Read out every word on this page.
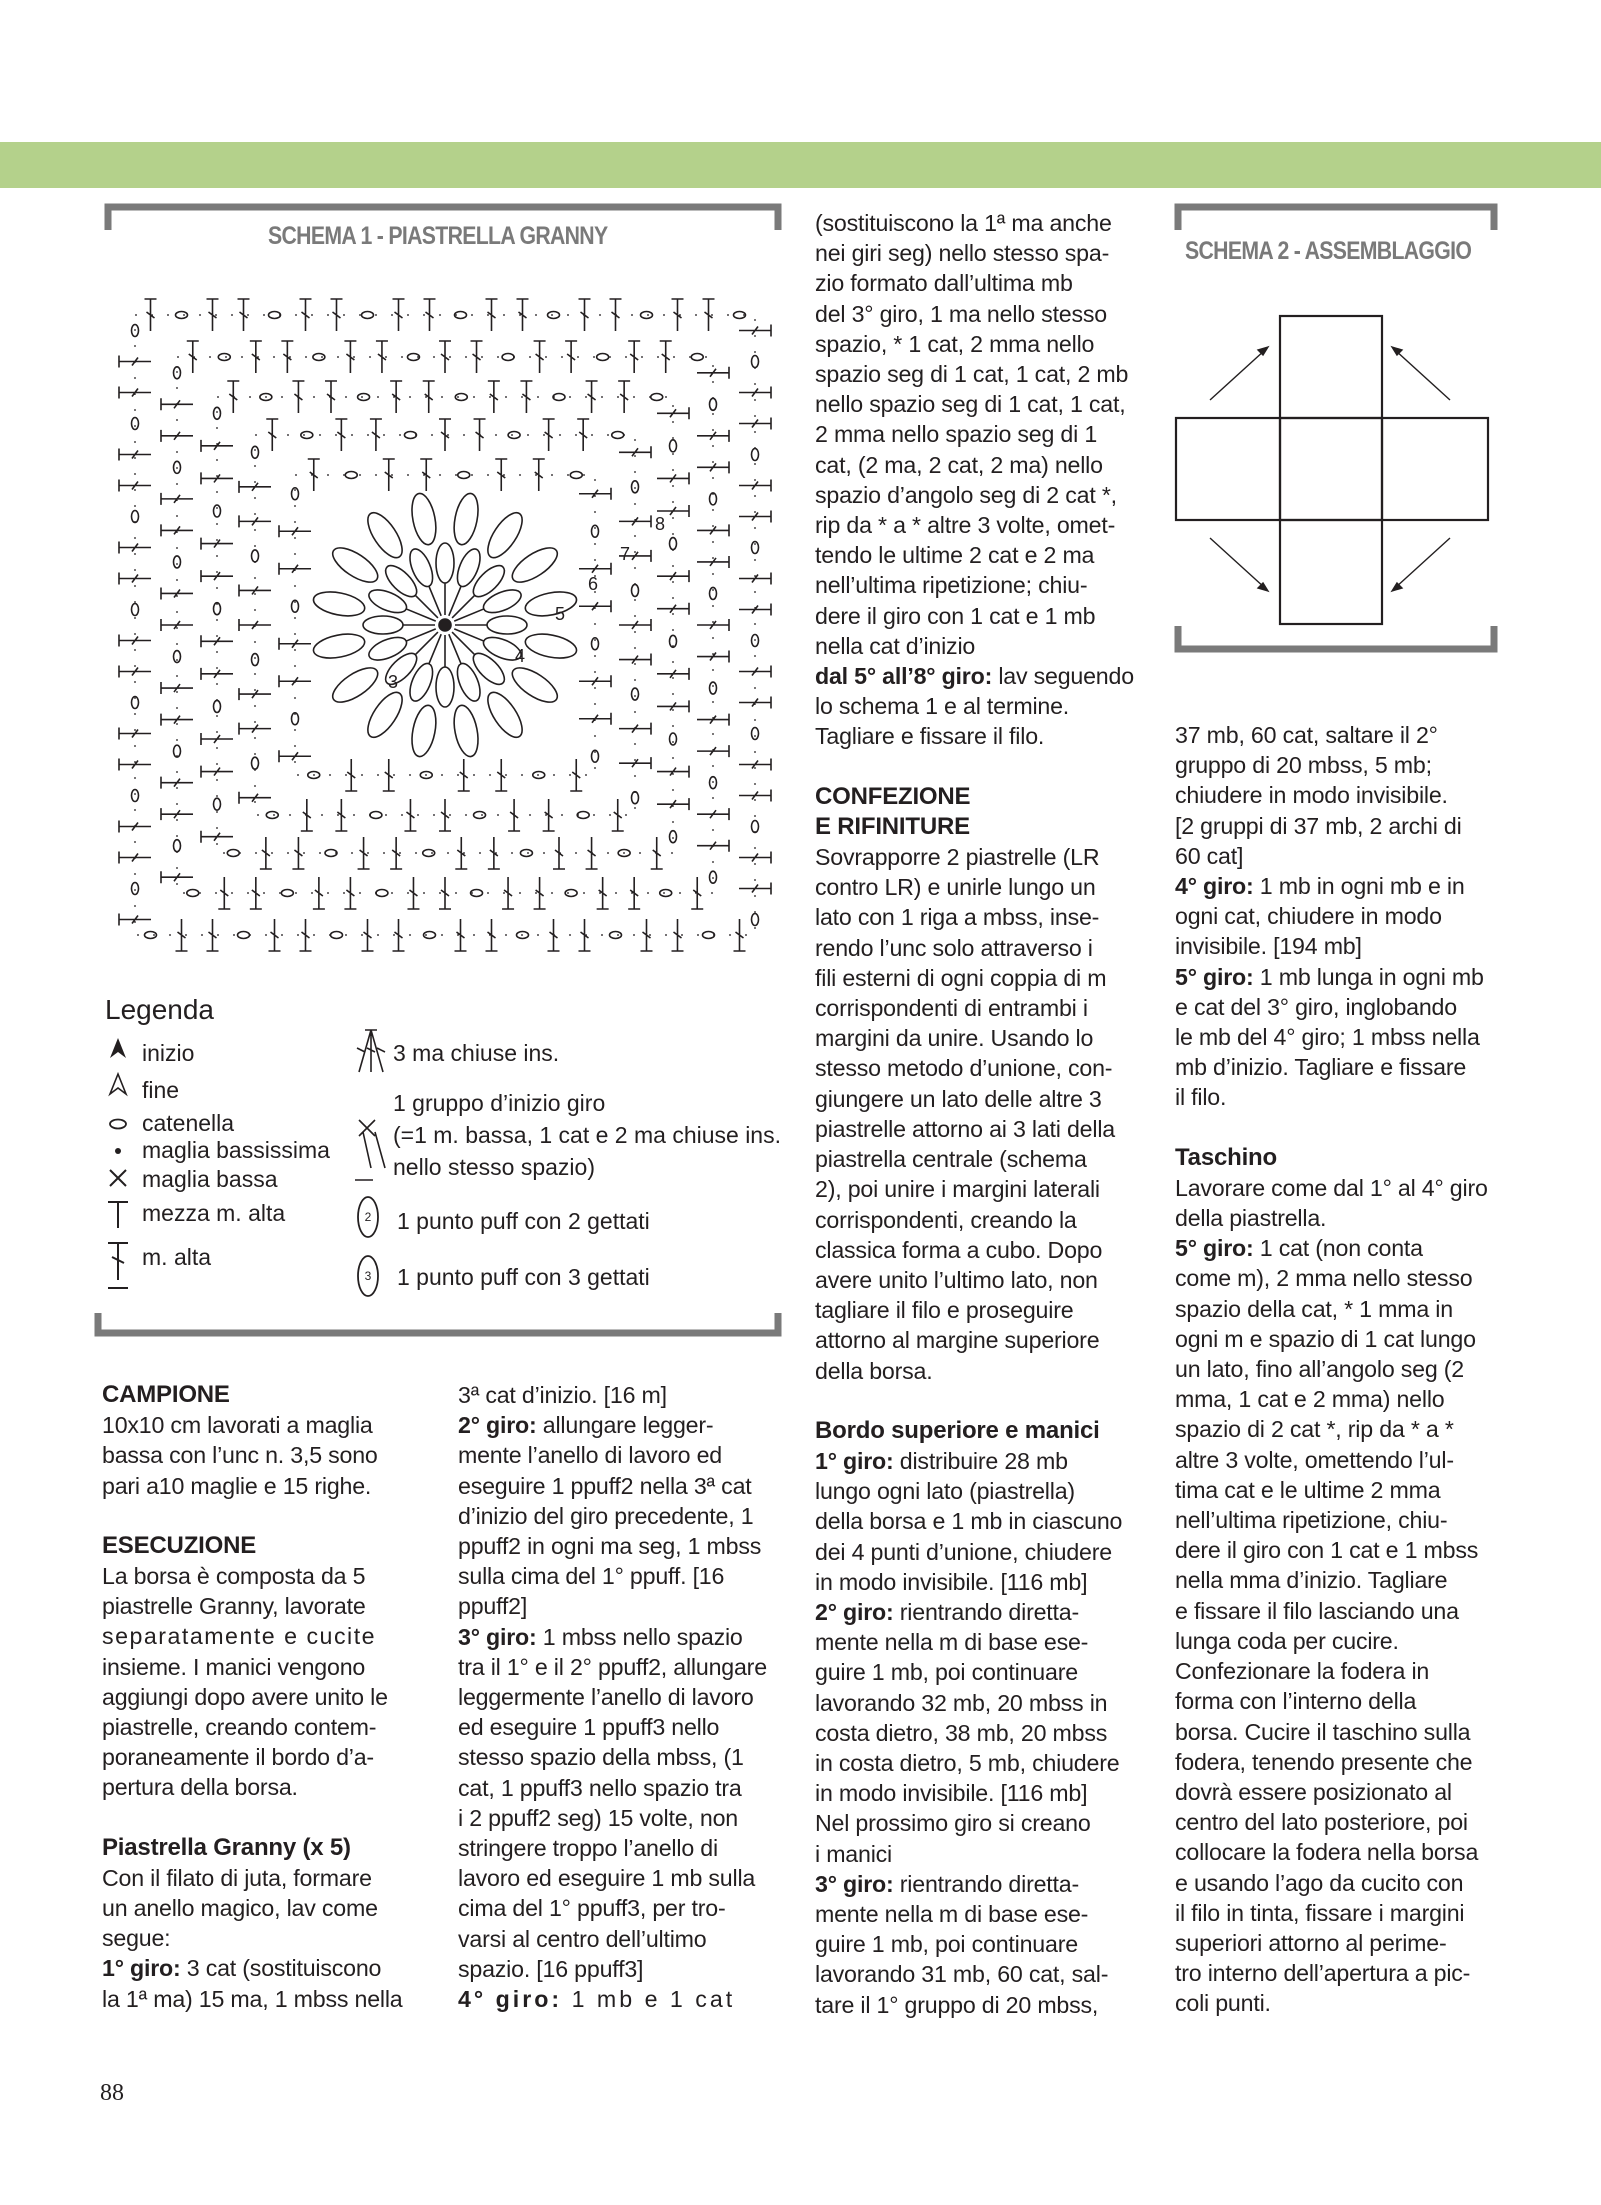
SCHEMA 1 - PIASTRELLA GRANNY
SCHEMA 2 - ASSEMBLAGGIO
3
4
5
6
7
8
Legenda
inizio
fine
catenella
maglia bassissima
maglia bassa
mezza m. alta
m. alta
2
3
3 ma chiuse ins.
1 gruppo d’inizio giro
(=1 m. bassa, 1 cat e 2 ma chiuse ins.
nello stesso spazio)
1 punto puff con 2 gettati
1 punto puff con 3 gettati
CAMPIONE

10x10 cm lavorati a maglia

bassa con l’unc n. 3,5 sono

pari a10 maglie e 15 righe.

ESECUZIONE

La borsa è composta da 5

piastrelle Granny, lavorate

separatamente e cucite

insieme. I manici vengono

aggiungi dopo avere unito le

piastrelle, creando contem-

poraneamente il bordo d’a-

pertura della borsa.

Piastrella Granny (x 5)

Con il filato di juta, formare

un anello magico, lav come

segue:

1° giro: 3 cat (sostituiscono

la 1ª ma) 15 ma, 1 mbss nella

3ª cat d’inizio. [16 m]

2° giro: allungare legger-

mente l’anello di lavoro ed

eseguire 1 ppuff2 nella 3ª cat

d’inizio del giro precedente, 1

ppuff2 in ogni ma seg, 1 mbss

sulla cima del 1° ppuff. [16

ppuff2]

3° giro: 1 mbss nello spazio

tra il 1° e il 2° ppuff2, allungare

leggermente l’anello di lavoro

ed eseguire 1 ppuff3 nello

stesso spazio della mbss, (1

cat, 1 ppuff3 nello spazio tra

i 2 ppuff2 seg) 15 volte, non

stringere troppo l’anello di

lavoro ed eseguire 1 mb sulla

cima del 1° ppuff3, per tro-

varsi al centro dell’ultimo

spazio. [16 ppuff3]

4° giro: 1 mb e 1 cat

(sostituiscono la 1ª ma anche

nei giri seg) nello stesso spa-

zio formato dall’ultima mb

del 3° giro, 1 ma nello stesso

spazio, * 1 cat, 2 mma nello

spazio seg di 1 cat, 1 cat, 2 mb

nello spazio seg di 1 cat, 1 cat,

2 mma nello spazio seg di 1

cat, (2 ma, 2 cat, 2 ma) nello

spazio d’angolo seg di 2 cat *,

rip da * a * altre 3 volte, omet-

tendo le ultime 2 cat e 2 ma

nell’ultima ripetizione; chiu-

dere il giro con 1 cat e 1 mb

nella cat d’inizio

dal 5° all’8° giro: lav seguendo

lo schema 1 e al termine.

Tagliare e fissare il filo.

CONFEZIONE
E RIFINITURE

Sovrapporre 2 piastrelle (LR

contro LR) e unirle lungo un

lato con 1 riga a mbss, inse-

rendo l’unc solo attraverso i

fili esterni di ogni coppia di m

corrispondenti di entrambi i

margini da unire. Usando lo

stesso metodo d’unione, con-

giungere un lato delle altre 3

piastrelle attorno ai 3 lati della

piastrella centrale (schema

2), poi unire i margini laterali

corrispondenti, creando la

classica forma a cubo. Dopo

avere unito l’ultimo lato, non

tagliare il filo e proseguire

attorno al margine superiore

della borsa.

Bordo superiore e manici

1° giro: distribuire 28 mb

lungo ogni lato (piastrella)

della borsa e 1 mb in ciascuno

dei 4 punti d’unione, chiudere

in modo invisibile. [116 mb]

2° giro: rientrando diretta-

mente nella m di base ese-

guire 1 mb, poi continuare

lavorando 32 mb, 20 mbss in

costa dietro, 38 mb, 20 mbss

in costa dietro, 5 mb, chiudere

in modo invisibile. [116 mb]

Nel prossimo giro si creano

i manici

3° giro: rientrando diretta-

mente nella m di base ese-

guire 1 mb, poi continuare

lavorando 31 mb, 60 cat, sal-

tare il 1° gruppo di 20 mbss,

37 mb, 60 cat, saltare il 2°

gruppo di 20 mbss, 5 mb;

chiudere in modo invisibile.

[2 gruppi di 37 mb, 2 archi di

60 cat]

4° giro: 1 mb in ogni mb e in

ogni cat, chiudere in modo

invisibile. [194 mb]

5° giro: 1 mb lunga in ogni mb

e cat del 3° giro, inglobando

le mb del 4° giro; 1 mbss nella

mb d’inizio. Tagliare e fissare

il filo.

Taschino

Lavorare come dal 1° al 4° giro

della piastrella.

5° giro: 1 cat (non conta

come m), 2 mma nello stesso

spazio della cat, * 1 mma in

ogni m e spazio di 1 cat lungo

un lato, fino all’angolo seg (2

mma, 1 cat e 2 mma) nello

spazio di 2 cat *, rip da * a *

altre 3 volte, omettendo l’ul-

tima cat e le ultime 2 mma

nell’ultima ripetizione, chiu-

dere il giro con 1 cat e 1 mbss

nella mma d’inizio. Tagliare

e fissare il filo lasciando una

lunga coda per cucire.

Confezionare la fodera in

forma con l’interno della

borsa. Cucire il taschino sulla

fodera, tenendo presente che

dovrà essere posizionato al

centro del lato posteriore, poi

collocare la fodera nella borsa

e usando l’ago da cucito con

il filo in tinta, fissare i margini

superiori attorno al perime-

tro interno dell’apertura a pic-

coli punti.

88
